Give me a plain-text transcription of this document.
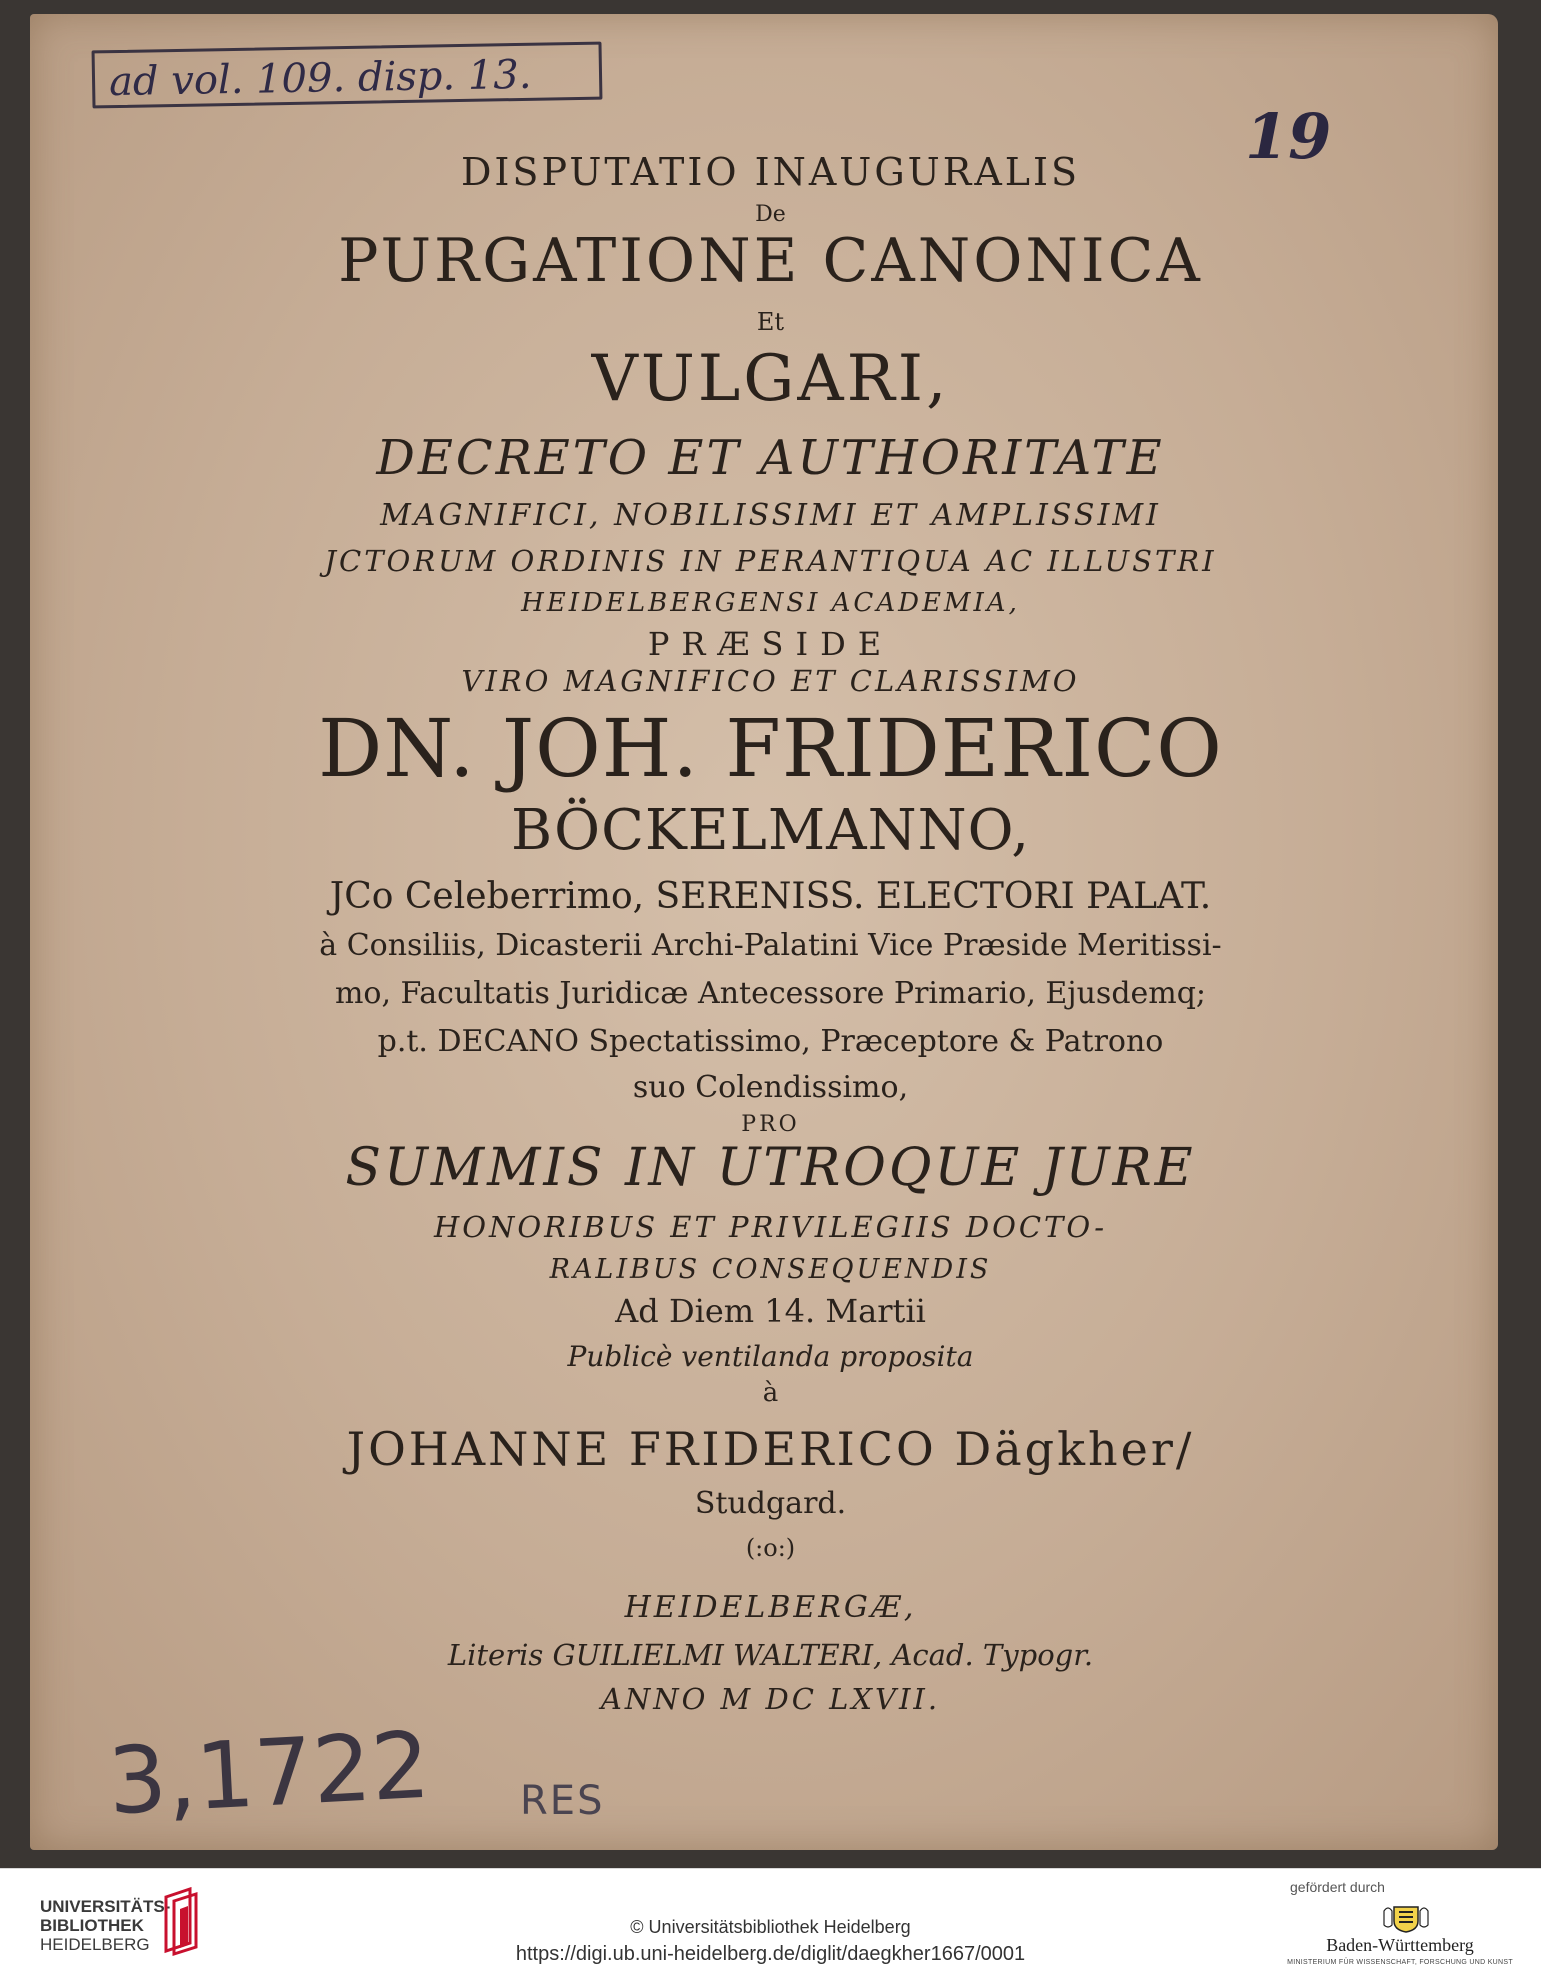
ad vol. 109. disp. 13.
19
DISPUTATIO INAUGURALIS
De
PURGATIONE CANONICA
Et
VULGARI,
DECRETO ET AUTHORITATE
MAGNIFICI, NOBILISSIMI ET AMPLISSIMI
JCTORUM ORDINIS IN PERANTIQUA AC ILLUSTRI
HEIDELBERGENSI ACADEMIA,
PRÆSIDE
VIRO MAGNIFICO ET CLARISSIMO
DN. JOH. FRIDERICO
BÖCKELMANNO,
JCo Celeberrimo, SERENISS. ELECTORI PALAT.
à Consiliis, Dicasterii Archi-Palatini Vice Præside Meritissi-
mo, Facultatis Juridicæ Antecessore Primario, Ejusdemq;
p.t. DECANO Spectatissimo, Præceptore & Patrono
suo Colendissimo,
PRO
SUMMIS IN UTROQUE JURE
HONORIBUS ET PRIVILEGIIS DOCTO-
RALIBUS CONSEQUENDIS
Ad Diem 14. Martii
Publicè ventilanda proposita
à
JOHANNE FRIDERICO Dägkher/
Studgard.
(:o:)
HEIDELBERGÆ,
Literis GUILIELMI WALTERI, Acad. Typogr.
ANNO M DC LXVII.
3,1722 RES
UNIVERSITÄTS-
BIBLIOTHEK
HEIDELBERG
© Universitätsbibliothek Heidelberg
https://digi.ub.uni-heidelberg.de/diglit/daegkher1667/0001
gefördert durch
Baden-Württemberg
MINISTERIUM FÜR WISSENSCHAFT, FORSCHUNG UND KUNST
